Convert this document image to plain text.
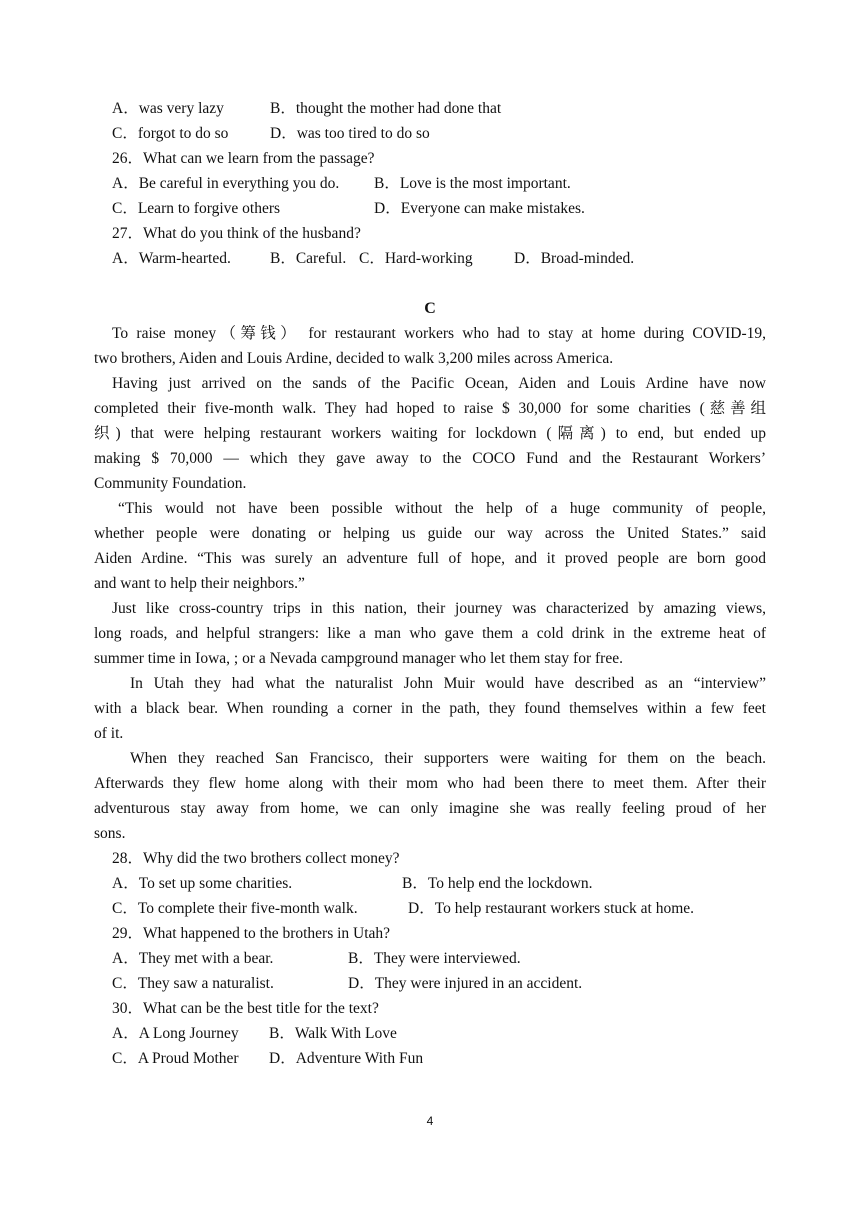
A．was very lazy	B．thought the mother had done that
C．forgot to do so	D．was too tired to do so
26．What can we learn from the passage?
A．Be careful in everything you do. B．Love is the most important.
C．Learn to forgive others	D．Everyone can make mistakes.
27．What do you think of the husband?
A．Warm-hearted.	B．Careful. C．Hard-working	D．Broad-minded.
C
To raise money（筹钱） for restaurant workers who had to stay at home during COVID-19,
two brothers, Aiden and Louis Ardine, decided to walk 3,200 miles across America.
Having just arrived on the sands of the Pacific Ocean, Aiden and Louis Ardine have now
completed their five-month walk. They had hoped to raise $ 30,000 for some charities (慈善组
织) that were helping restaurant workers waiting for lockdown (隔离) to end, but ended up
making $ 70,000 — which they gave away to the COCO Fund and the Restaurant Workers’
Community Foundation.
“This would not have been possible without the help of a huge community of people,
whether people were donating or helping us guide our way across the United States.” said
Aiden Ardine. “This was surely an adventure full of hope, and it proved people are born good
and want to help their neighbors.”
Just like cross-country trips in this nation, their journey was characterized by amazing views,
long roads, and helpful strangers: like a man who gave them a cold drink in the extreme heat of
summer time in Iowa, ; or a Nevada campground manager who let them stay for free.
In Utah they had what the naturalist John Muir would have described as an “interview”
with a black bear. When rounding a corner in the path, they found themselves within a few feet
of it.
When they reached San Francisco, their supporters were waiting for them on the beach.
Afterwards they flew home along with their mom who had been there to meet them. After their
adventurous stay away from home, we can only imagine she was really feeling proud of her
sons.
28．Why did the two brothers collect money?
A．To set up some charities.	B．To help end the lockdown.
C．To complete their five-month walk.	D．To help restaurant workers stuck at home.
29．What happened to the brothers in Utah?
A．They met with a bear.	B．They were interviewed.
C．They saw a naturalist.	D．They were injured in an accident.
30．What can be the best title for the text?
A．A Long Journey B．Walk With Love
C．A Proud Mother D．Adventure With Fun
4
